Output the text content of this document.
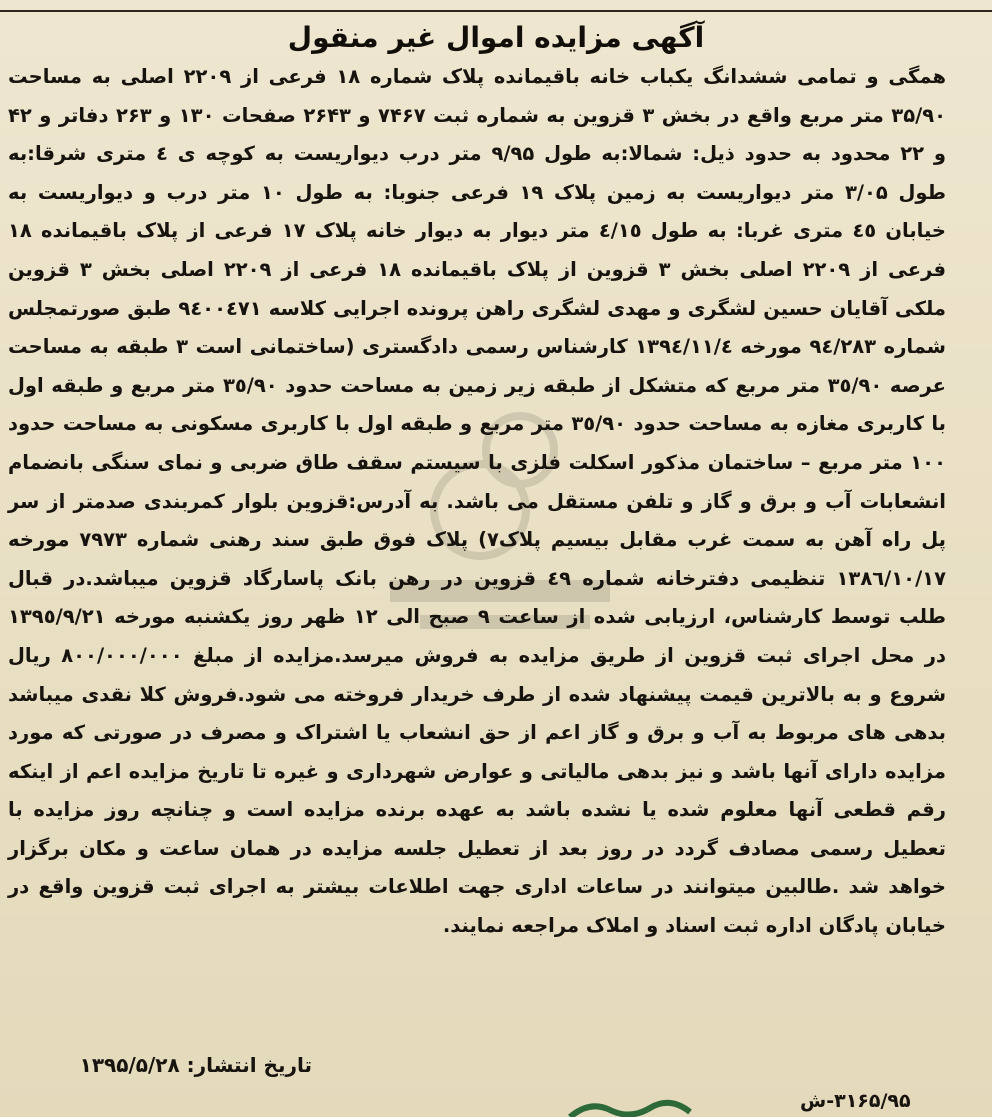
آگهی مزایده اموال غیر منقول

همگی و تمامی ششدانگ یکباب خانه باقیمانده پلاک شماره ۱۸ فرعی از ۲۲۰۹ اصلی به مساحت ۳۵/۹۰ متر مربع واقع در بخش ۳ قزوین به شماره ثبت ۷۴۶۷ و ۲۶۴۳ صفحات ۱۳۰ و ۲۶۳ دفاتر و ۴۲ و ۲۲ محدود به حدود ذیل: شمالا:به طول ۹/۹۵ متر درب دیواریست به کوچه ی ٤ متری شرقا:به طول ۳/۰۵ متر دیواریست به زمین پلاک ۱۹ فرعی جنوبا: به طول ۱۰ متر درب و دیواریست به خیابان ٤٥ متری غربا: به طول ٤/١٥ متر دیوار به دیوار خانه پلاک ١٧ فرعی از پلاک باقیمانده ١٨ فرعی از ٢٢٠٩ اصلی بخش ٣ قزوین از پلاک باقیمانده ١٨ فرعی از ٢٢٠٩ اصلی بخش ٣ قزوین ملکی آقایان حسین لشگری و مهدی لشگری راهن پرونده اجرایی کلاسه ٩٤٠٠٤٧١ طبق صورتمجلس شماره ٩٤/٢٨٣ مورخه ١٣٩٤/١١/٤ کارشناس رسمی دادگستری (ساختمانی است ٣ طبقه به مساحت عرصه ٣٥/٩٠ متر مربع که متشکل از طبقه زیر زمین به مساحت حدود ٣٥/٩٠ متر مربع و طبقه اول با کاربری مغازه به مساحت حدود ٣٥/٩٠ متر مربع و طبقه اول با کاربری مسکونی به مساحت حدود ١٠٠ متر مربع – ساختمان مذکور اسکلت فلزی با سیستم سقف طاق ضربی و نمای سنگی بانضمام انشعابات آب و برق و گاز و تلفن مستقل می باشد. به آدرس:قزوین بلوار کمربندی صدمتر از سر پل راه آهن به سمت غرب مقابل بیسیم پلاک٧) پلاک فوق طبق سند رهنی شماره ٧٩٧٣ مورخه ١٣٨٦/١٠/١٧ تنظیمی دفترخانه شماره ٤٩ قزوین در رهن بانک پاسارگاد قزوین میباشد.در قبال طلب توسط کارشناس، ارزیابی شده از ساعت ٩ صبح الی ١٢ ظهر روز یکشنبه مورخه ١٣٩٥/٩/٢١ در محل اجرای ثبت قزوین از طریق مزایده به فروش میرسد.مزایده از مبلغ ٨٠٠/٠٠٠/٠٠٠ ریال شروع و به بالاترین قیمت پیشنهاد شده از طرف خریدار فروخته می شود.فروش کلا نقدی میباشد بدهی های مربوط به آب و برق و گاز اعم از حق انشعاب یا اشتراک و مصرف در صورتی که مورد مزایده دارای آنها باشد و نیز بدهی مالیاتی و عوارض شهرداری و غیره تا تاریخ مزایده اعم از اینکه رقم قطعی آنها معلوم شده یا نشده باشد به عهده برنده مزایده است و چنانچه روز مزایده با تعطیل رسمی مصادف گردد در روز بعد از تعطیل جلسه مزایده در همان ساعت و مکان برگزار خواهد شد .طالبین میتوانند در ساعات اداری جهت اطلاعات بیشتر به اجرای ثبت قزوین واقع در خیابان پادگان اداره ثبت اسناد و املاک مراجعه نمایند.

تاریخ انتشار: ۱۳۹۵/۵/۲۸
۳۱۶۵/۹۵-ش
